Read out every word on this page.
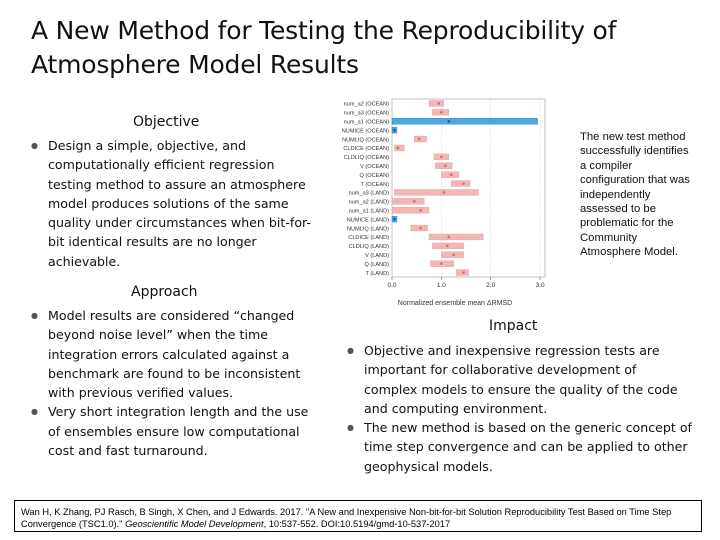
A New Method for Testing the Reproducibility of Atmosphere Model Results
Objective
● Design a simple, objective, and computationally efficient regression testing method to assure an atmosphere model produces solutions of the same quality under circumstances when bit-for-bit identical results are no longer achievable.
Approach
● Model results are considered “changed beyond noise level” when the time integration errors calculated against a benchmark are found to be inconsistent with previous verified values.
● Very short integration length and the use of ensembles ensure low computational cost and fast turnaround.
Impact
● Objective and inexpensive regression tests are important for collaborative development of complex models to ensure the quality of the code and computing environment.
● The new method is based on the generic concept of time step convergence and can be applied to other geophysical models.
num_a2 (OCEAN)
num_a3 (OCEAN)
num_a1 (OCEAN)
NUMICE (OCEAN)
NUMLIQ (OCEAN)
CLDICE (OCEAN)
CLDLIQ (OCEAN)
V (OCEAN)
Q (OCEAN)
T (OCEAN)
num_a3 (LAND)
num_a2 (LAND)
num_a1 (LAND)
NUMICE (LAND)
NUMLIQ (LAND)
CLDICE (LAND)
CLDLIQ (LAND)
V (LAND)
Q (LAND)
T (LAND)
0.0	1.0	2.0	3.0
Normalized ensemble mean ΔRMSD
The new test method successfully identifies a compiler configuration that was independently assessed to be problematic for the Community Atmosphere Model.
Wan H, K Zhang, PJ Rasch, B Singh, X Chen, and J Edwards. 2017. "A New and Inexpensive Non-bit-for-bit Solution Reproducibility Test Based on Time Step Convergence (TSC1.0)." Geoscientific Model Development, 10:537-552. DOI:10.5194/gmd-10-537-2017
